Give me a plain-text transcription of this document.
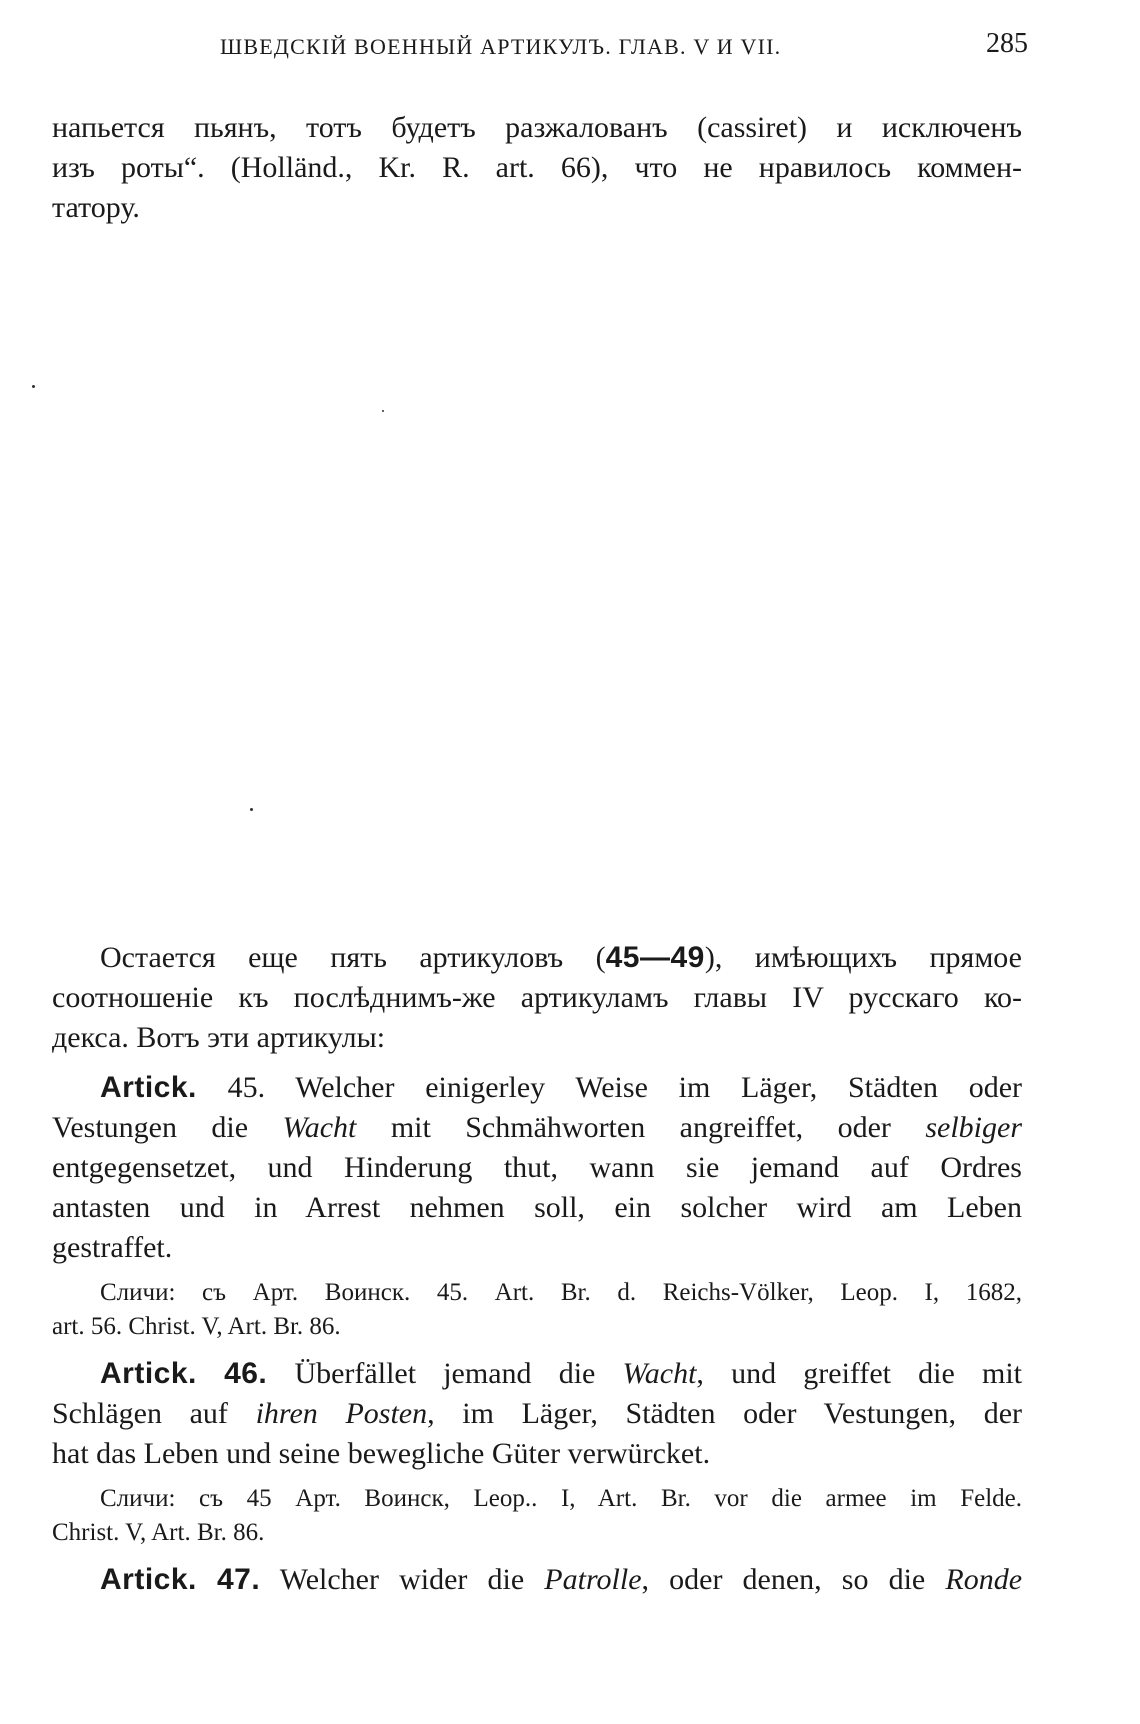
ШВЕДСКІЙ ВОЕННЫЙ АРТИКУЛЪ. ГЛАВ. V И VII.	285
напьется пьянъ, тотъ будетъ разжалованъ (cassiret) и исключенъ
изъ роты“. (Holländ., Kr. R. art. 66), что не нравилось коммен-
татору.
Остается еще пять артикуловъ (45—49), имѣющихъ прямое
соотношеніе къ послѣднимъ-же артикуламъ главы IV русскаго ко-
декса. Вотъ эти артикулы:
Artick. 45. Welcher einigerley Weise im Läger, Städten oder
Vestungen die Wacht mit Schmähworten angreiffet, oder selbiger
entgegensetzet, und Hinderung thut, wann sie jemand auf Ordres
antasten und in Arrest nehmen soll, ein solcher wird am Leben
gestraffet.
Сличи: съ Арт. Воинск. 45. Art. Br. d. Reichs-Völker, Leop. I, 1682,
art. 56. Christ. V, Art. Br. 86.
Artick. 46. Überfället jemand die Wacht, und greiffet die mit
Schlägen auf ihren Posten, im Läger, Städten oder Vestungen, der
hat das Leben und seine bewegliche Güter verwürcket.
Сличи: съ 45 Арт. Воинск, Leop.. I, Art. Br. vor die armee im Felde.
Christ. V, Art. Br. 86.
Artick. 47. Welcher wider die Patrolle, oder denen, so die Ronde
